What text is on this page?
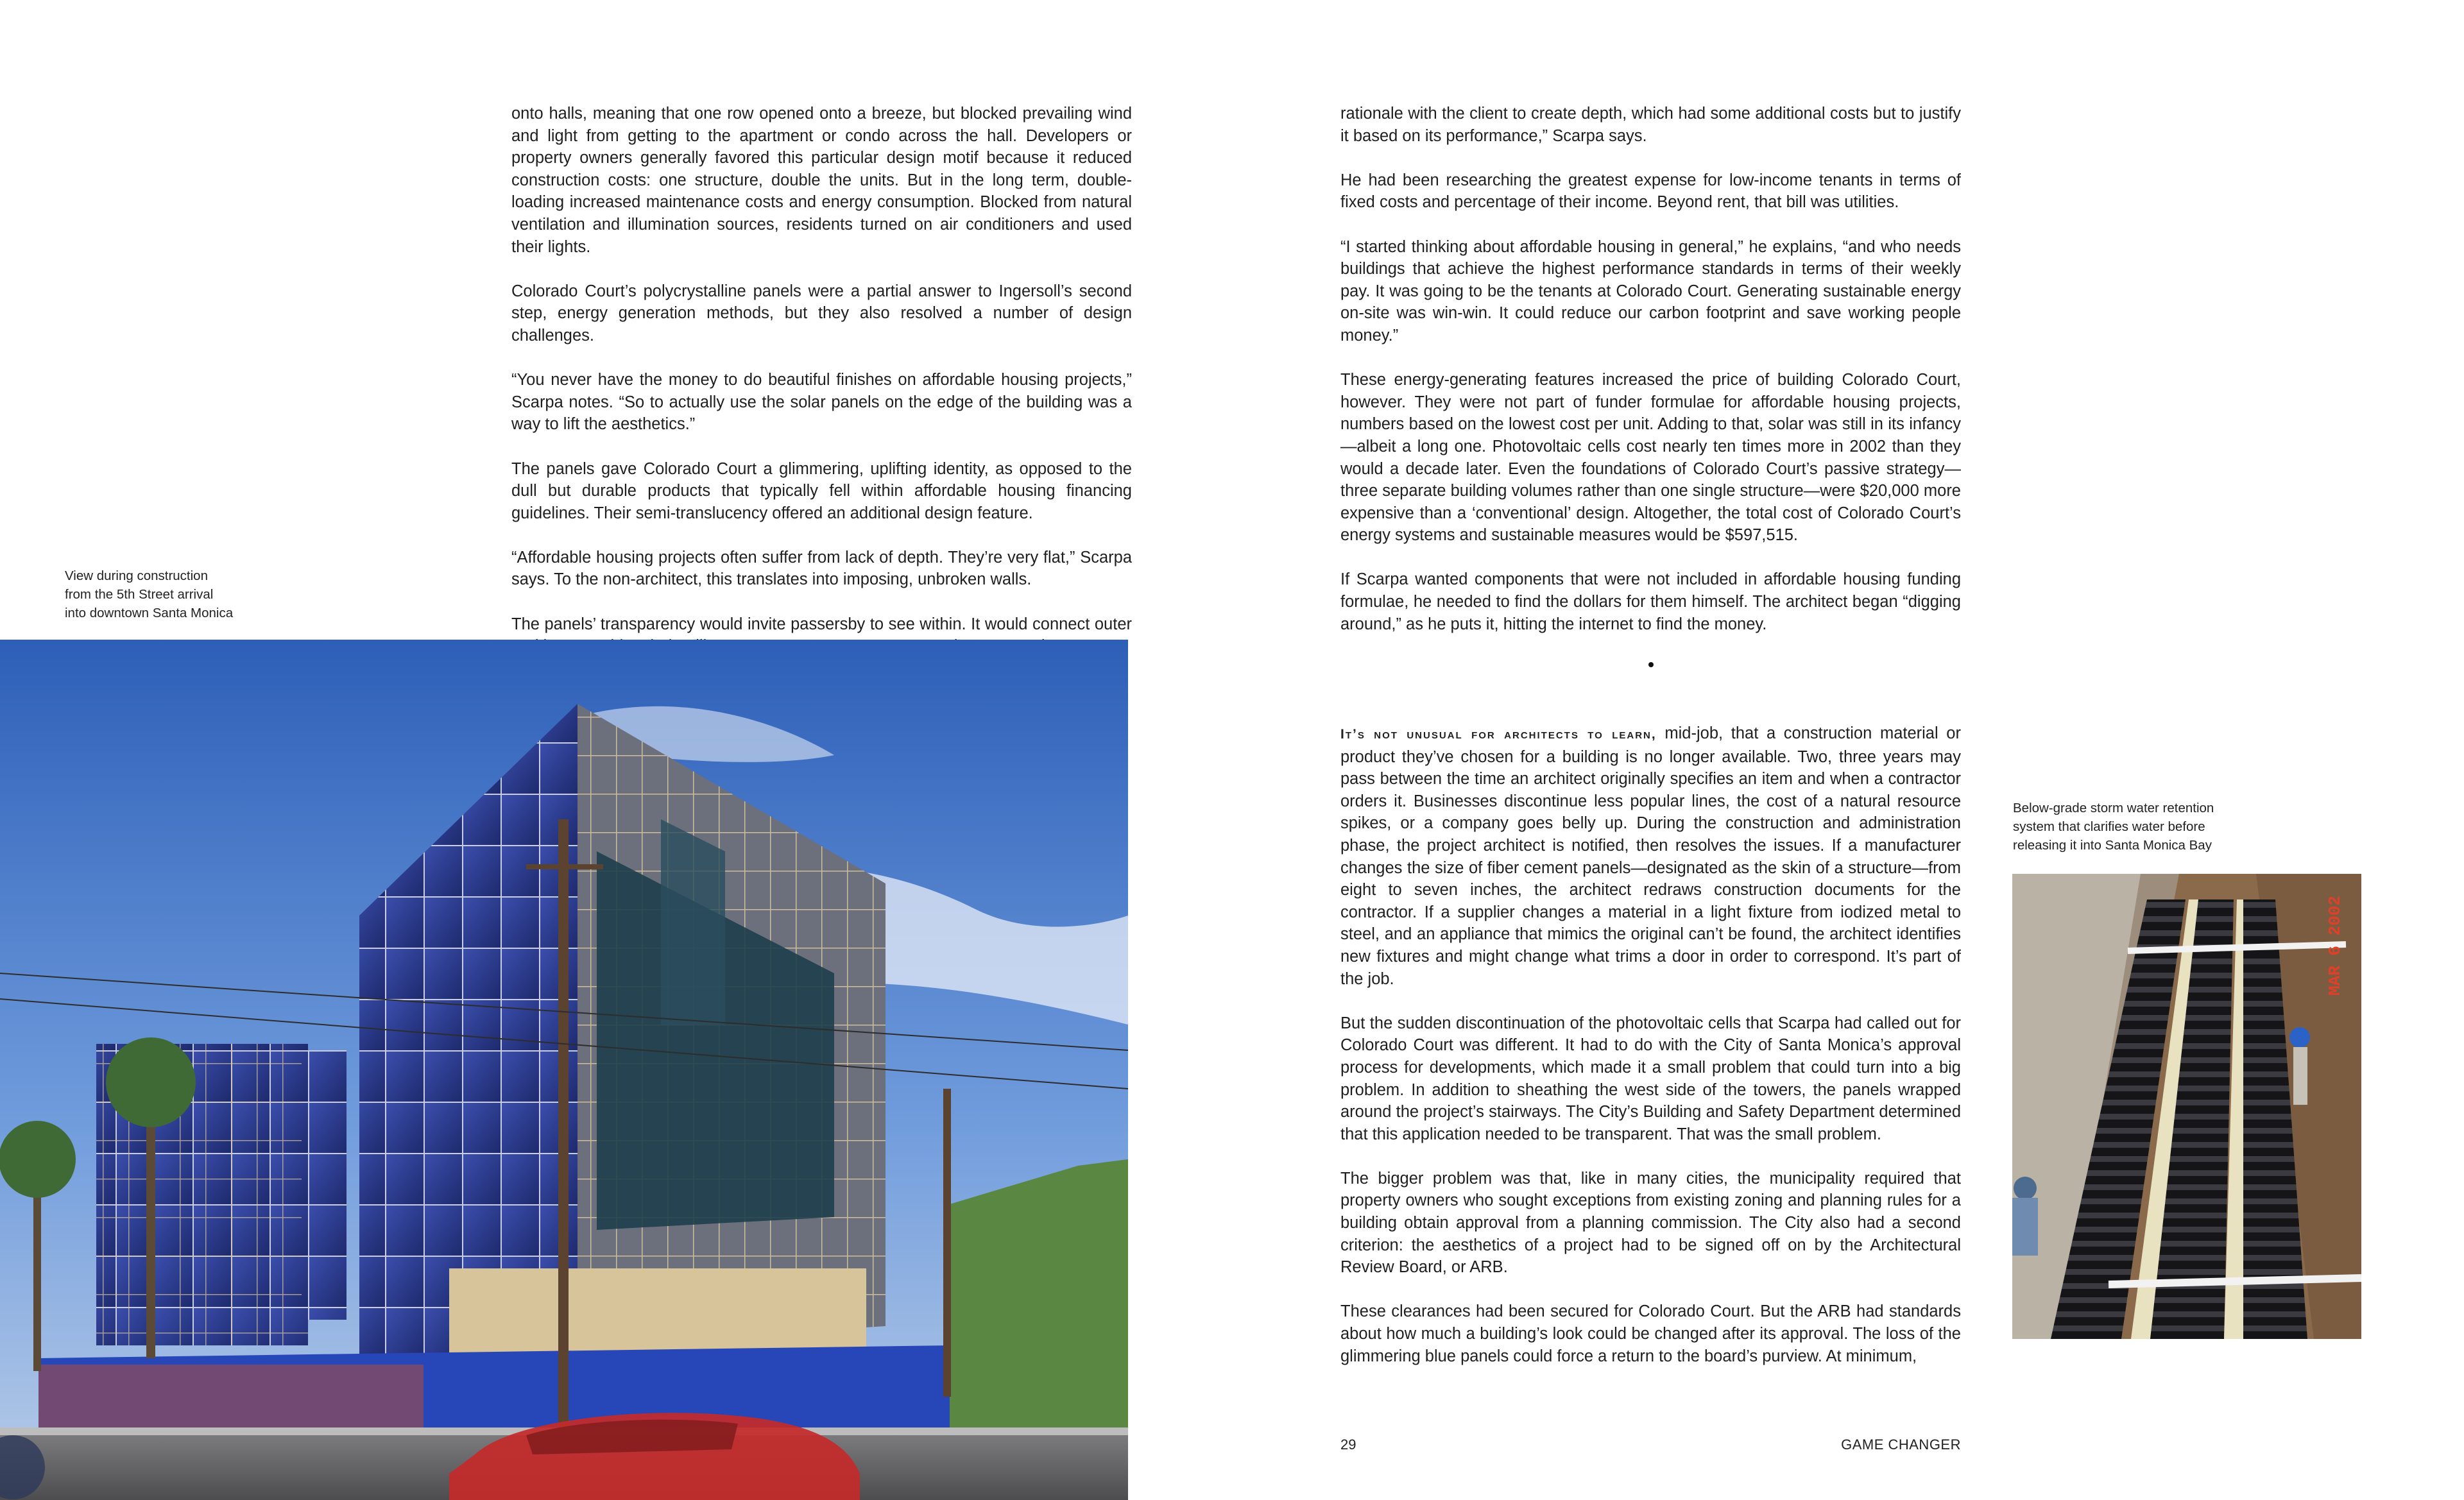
View during construction
from the 5th Street arrival
into downtown Santa Monica

onto halls, meaning that one row opened onto a breeze, but blocked prevailing wind and light from getting to the apartment or condo across the hall. Developers or property owners generally favored this particular design motif because it reduced construction costs: one structure, double the units. But in the long term, double-loading increased maintenance costs and energy consumption. Blocked from natural ventilation and illumination sources, residents turned on air conditioners and used their lights.

Colorado Court’s polycrystalline panels were a partial answer to Ingersoll’s second step, energy generation methods, but they also resolved a number of design challenges.

“You never have the money to do beautiful finishes on affordable housing projects,” Scarpa notes. “So to actually use the solar panels on the edge of the building was a way to lift the aesthetics.”

The panels gave Colorado Court a glimmering, uplifting identity, as opposed to the dull but durable products that typically fell within affordable housing financing guidelines. Their semi-translucency offered an additional design feature.

“Affordable housing projects often suffer from lack of depth. They’re very flat,” Scarpa says. To the non-architect, this translates into imposing, unbroken walls.

The panels’ transparency would invite passersby to see within. It would connect outer

rationale with the client to create depth, which had some additional costs but to justify it based on its performance,” Scarpa says.

He had been researching the greatest expense for low-income tenants in terms of fixed costs and percentage of their income. Beyond rent, that bill was utilities.

“I started thinking about affordable housing in general,” he explains, “and who needs buildings that achieve the highest performance standards in terms of their weekly pay. It was going to be the tenants at Colorado Court. Generating sustainable energy on-site was win-win. It could reduce our carbon footprint and save working people money.”

These energy-generating features increased the price of building Colorado Court, however. They were not part of funder formulae for affordable housing projects, numbers based on the lowest cost per unit. Adding to that, solar was still in its infancy—albeit a long one. Photovoltaic cells cost nearly ten times more in 2002 than they would a decade later. Even the foundations of Colorado Court’s passive strategy—three separate building volumes rather than one single structure—were $20,000 more expensive than a ‘conventional’ design. Altogether, the total cost of Colorado Court’s energy systems and sustainable measures would be $597,515.

If Scarpa wanted components that were not included in affordable housing funding formulae, he needed to find the dollars for them himself. The architect began “digging around,” as he puts it, hitting the internet to find the money.

It’s not unusual for architects to learn, mid-job, that a construction material or product they’ve chosen for a building is no longer available. Two, three years may pass between the time an architect originally specifies an item and when a contractor orders it. Businesses discontinue less popular lines, the cost of a natural resource spikes, or a company goes belly up. During the construction and administration phase, the project architect is notified, then resolves the issues. If a manufacturer changes the size of fiber cement panels—designated as the skin of a structure—from eight to seven inches, the architect redraws construction documents for the contractor. If a supplier changes a material in a light fixture from iodized metal to steel, and an appliance that mimics the original can’t be found, the architect identifies new fixtures and might change what trims a door in order to correspond. It’s part of the job.

But the sudden discontinuation of the photovoltaic cells that Scarpa had called out for Colorado Court was different. It had to do with the City of Santa Monica’s approval process for developments, which made it a small problem that could turn into a big problem. In addition to sheathing the west side of the towers, the panels wrapped around the project’s stairways. The City’s Building and Safety Department determined that this application needed to be transparent. That was the small problem.

The bigger problem was that, like in many cities, the municipality required that property owners who sought exceptions from existing zoning and planning rules for a building obtain approval from a planning commission. The City also had a second criterion: the aesthetics of a project had to be signed off on by the Architectural Review Board, or ARB.

These clearances had been secured for Colorado Court. But the ARB had standards about how much a building’s look could be changed after its approval. The loss of the glimmering blue panels could force a return to the board’s purview. At minimum,

Below-grade storm water retention
system that clarifies water before
releasing it into Santa Monica Bay
MAR 6 2002
29	GAME CHANGER
